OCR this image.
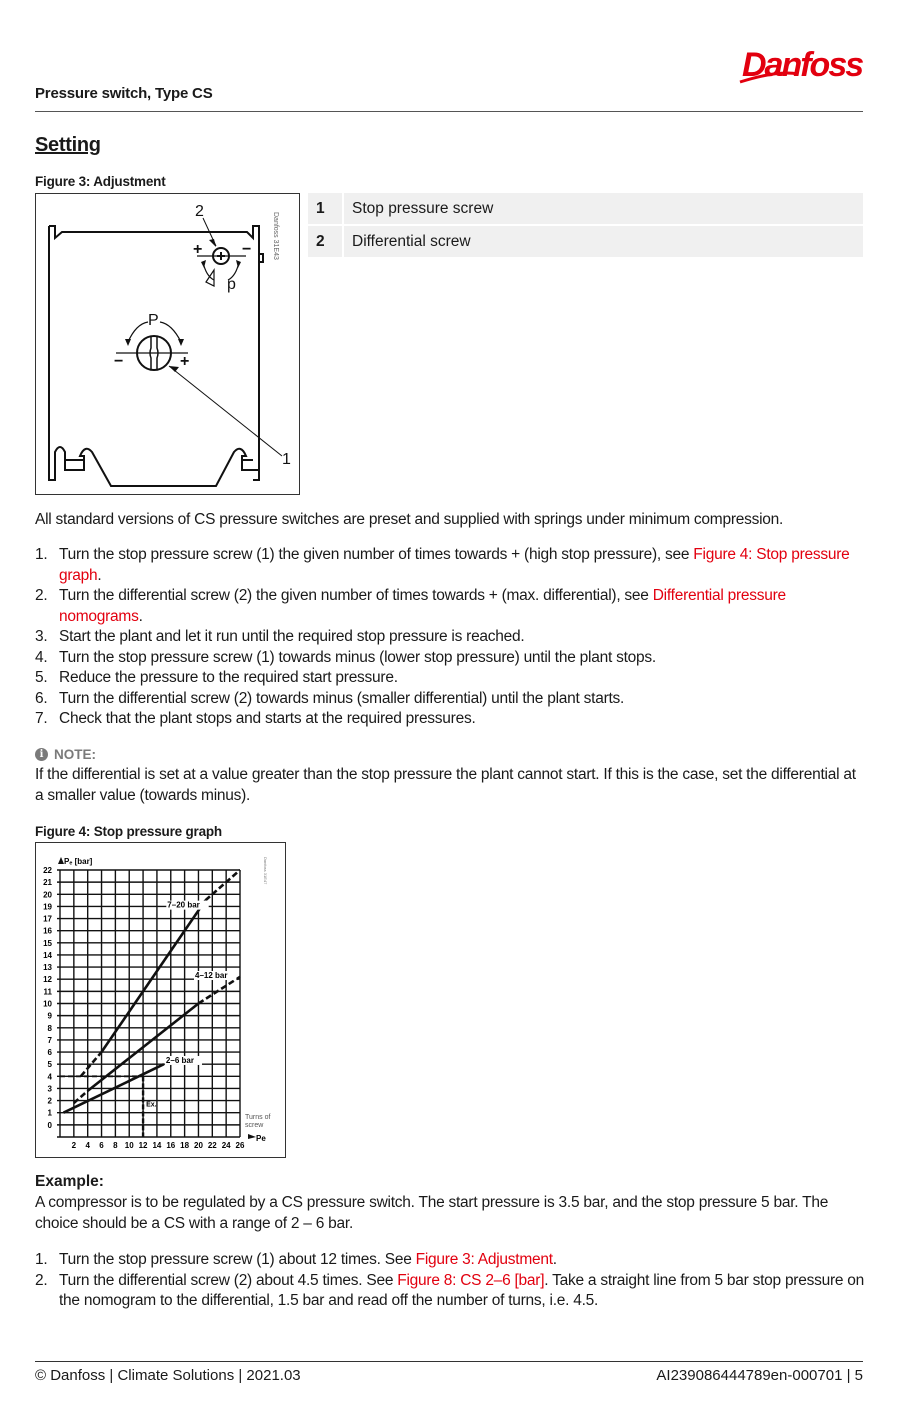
Danfoss
Pressure switch, Type CS
Setting
Figure 3: Adjustment
2
1
P
p
+ −
−	+
Danfoss 31E43
1	Stop pressure screw
2	Differential screw
All standard versions of CS pressure switches are preset and supplied with springs under minimum compression.
1. Turn the stop pressure screw (1) the given number of times towards + (high stop pressure), see Figure 4: Stop pressure graph.
2. Turn the differential screw (2) the given number of times towards + (max. differential), see Differential pressure nomograms.
3. Start the plant and let it run until the required stop pressure is reached.
4. Turn the stop pressure screw (1) towards minus (lower stop pressure) until the plant stops.
5. Reduce the pressure to the required start pressure.
6. Turn the differential screw (2) towards minus (smaller differential) until the plant starts.
7. Check that the plant stops and starts at the required pressures.
i NOTE:
If the differential is set at a value greater than the stop pressure the plant cannot start. If this is the case, set the differential at a smaller value (towards minus).
Figure 4: Stop pressure graph
0
1
2
3
4
5
6
7
8
9
10
11
12
13
14
15
16
17
19
20
21
22
2 4 6 8 10 12 14 16 18 20 22 24 26
Pₑ [bar]
Turns of
screw
Pe
Danfoss 31E47
Ex.
7–20 bar
4–12 bar
2–6 bar
Example:
A compressor is to be regulated by a CS pressure switch. The start pressure is 3.5 bar, and the stop pressure 5 bar. The choice should be a CS with a range of 2 – 6 bar.
1. Turn the stop pressure screw (1) about 12 times. See Figure 3: Adjustment.
2. Turn the differential screw (2) about 4.5 times. See Figure 8: CS 2–6 [bar]. Take a straight line from 5 bar stop pressure on the nomogram to the differential, 1.5 bar and read off the number of turns, i.e. 4.5.
© Danfoss | Climate Solutions | 2021.03	AI239086444789en-000701 | 5
